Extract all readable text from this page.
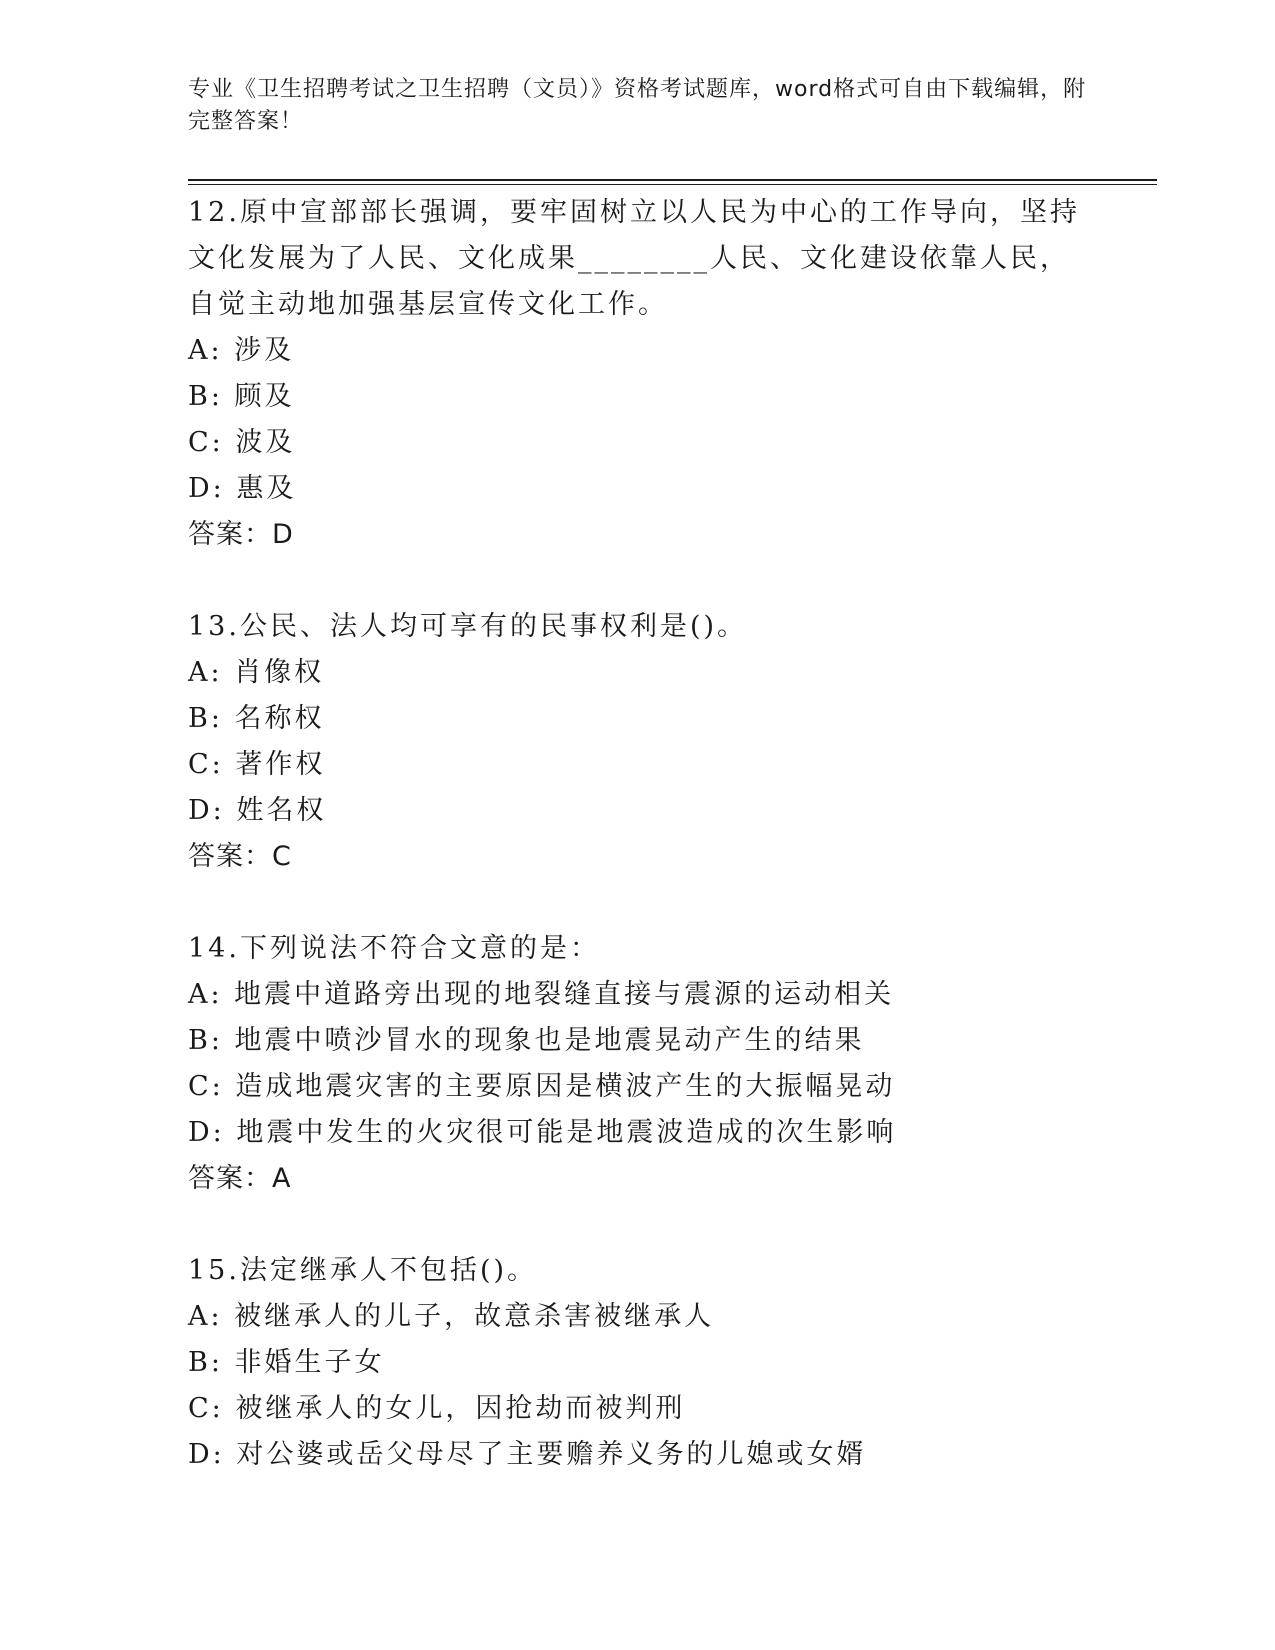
专业《卫生招聘考试之卫生招聘（文员）》资格考试题库，word格式可自由下载编辑，附完整答案！

12.原中宣部部长强调，要牢固树立以人民为中心的工作导向，坚持文化发展为了人民、文化成果________人民、文化建设依靠人民，自觉主动地加强基层宣传文化工作。

A: 涉及
B: 顾及
C: 波及
D: 惠及

答案：D

13.公民、法人均可享有的民事权利是()。

A: 肖像权
B: 名称权
C: 著作权
D: 姓名权

答案：C

14.下列说法不符合文意的是：

A: 地震中道路旁出现的地裂缝直接与震源的运动相关
B: 地震中喷沙冒水的现象也是地震晃动产生的结果
C: 造成地震灾害的主要原因是横波产生的大振幅晃动
D: 地震中发生的火灾很可能是地震波造成的次生影响

答案：A

15.法定继承人不包括()。

A: 被继承人的儿子，故意杀害被继承人
B: 非婚生子女
C: 被继承人的女儿，因抢劫而被判刑
D: 对公婆或岳父母尽了主要赡养义务的儿媳或女婿
